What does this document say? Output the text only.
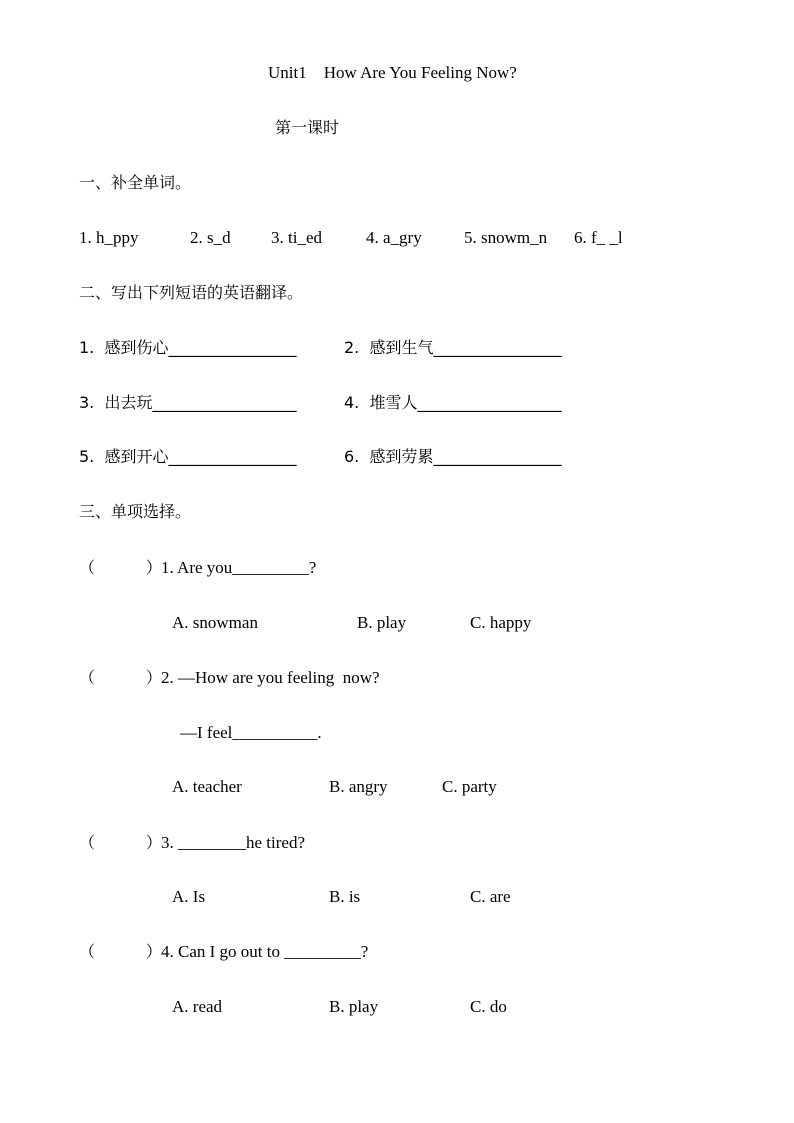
Unit1    How Are You Feeling Now?
第一课时
一、补全单词。
1. h_ppy	2. s_d 3. ti_ed	4. a_gry 5. snowm_n 6. f_ _l
二、写出下列短语的英语翻译。
1.  感到伤心________________	2.  感到生气________________
3.  出去玩__________________	4.  堆雪人__________________
5.  感到开心________________	6.  感到劳累________________
三、单项选择。
（          ） 1. Are you_________?
A. snowman	B. play	C. happy
（          ） 2. —How are you feeling  now?
—I feel__________.
A. teacher	B. angry	C. party
（          ） 3. ________he tired?
A. Is	B. is	C. are
（          ） 4. Can I go out to _________?
A. read	B. play	C. do
